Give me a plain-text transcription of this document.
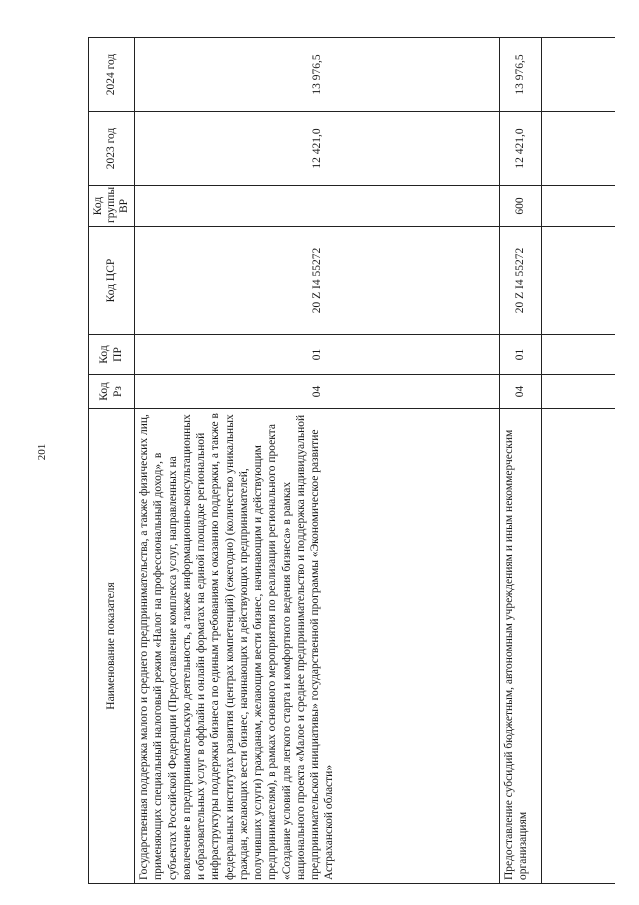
201
Наименование показателя	Код Рз	Код ПР	Код ЦСР	Код группы ВР	2023 год	2024 год
Государственная поддержка малого и среднего предпринимательства, а также физических лиц, применяющих специальный налоговый режим «Налог на профессиональный доход», в субъектах Российской Федерации (Предоставление комплекса услуг, направленных на вовлечение в предпринимательскую деятельность, а также информационно-консультационных и образовательных услуг в оффлайн и онлайн форматах на единой площадке региональной инфраструктуры поддержки бизнеса по единым требованиям к оказанию поддержки, а также в федеральных институтах развития (центрах компетенций) (ежегодно) (количество уникальных граждан, желающих вести бизнес, начинающих и действующих предпринимателей, получивших услуги) гражданам, желающим вести бизнес, начинающим и действующим предпринимателям), в рамках основного мероприятия по реализации регионального проекта «Создание условий для легкого старта и комфортного ведения бизнеса» в рамках национального проекта «Малое и среднее предпринимательство и поддержка индивидуальной предпринимательской инициативы» государственной программы «Экономическое развитие Астраханской области»	04	01	20 Z I4 55272		12 421,0	13 976,5
Предоставление субсидий бюджетным, автономным учреждениям и иным некоммерческим организациям	04	01	20 Z I4 55272	600	12 421,0	13 976,5
